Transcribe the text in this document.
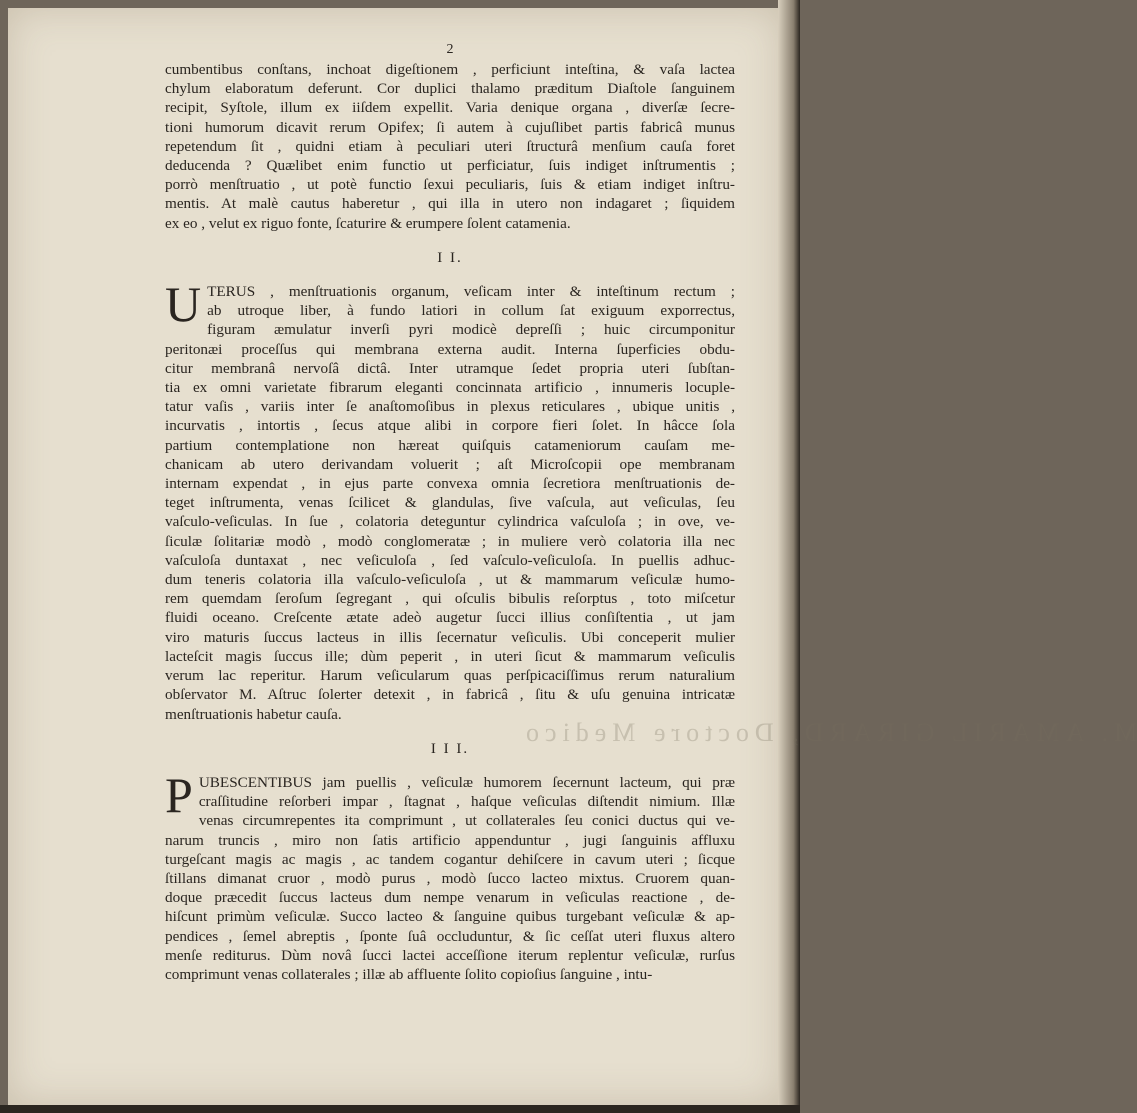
M. AMARIL GIRARD, Doctore Medico
2
cumbentibus conſtans, inchoat digeſtionem , perficiunt inteſtina, & vaſa lactea
chylum elaboratum deferunt. Cor duplici thalamo præditum Diaſtole ſanguinem
recipit, Syſtole, illum ex iiſdem expellit. Varia denique organa , diverſæ ſecre-
tioni humorum dicavit rerum Opifex; ſi autem à cujuſlibet partis fabricâ munus
repetendum ſit , quidni etiam à peculiari uteri ſtructurâ menſium cauſa foret
deducenda ? Quælibet enim functio ut perficiatur, ſuis indiget inſtrumentis ;
porrò menſtruatio , ut potè functio ſexui peculiaris, ſuis & etiam indiget inſtru-
mentis. At malè cautus haberetur , qui illa in utero non indagaret ; ſiquidem
ex eo , velut ex riguo fonte, ſcaturire & erumpere ſolent catamenia.
I I.
U TERUS , menſtruationis organum, veſicam inter & inteſtinum rectum ;
ab utroque liber, à fundo latiori in collum ſat exiguum exporrectus,
figuram æmulatur inverſi pyri modicè depreſſi ; huic circumponitur
peritonæi proceſſus qui membrana externa audit. Interna ſuperficies obdu-
citur membranâ nervoſâ dictâ. Inter utramque ſedet propria uteri ſubſtan-
tia ex omni varietate fibrarum eleganti concinnata artificio , innumeris locuple-
tatur vaſis , variis inter ſe anaſtomoſibus in plexus reticulares , ubique unitis ,
incurvatis , intortis , ſecus atque alibi in corpore fieri ſolet. In hâcce ſola
partium contemplatione non hæreat quiſquis catameniorum cauſam me-
chanicam ab utero derivandam voluerit ; aſt Microſcopii ope membranam
internam expendat , in ejus parte convexa omnia ſecretiora menſtruationis de-
teget inſtrumenta, venas ſcilicet & glandulas, ſive vaſcula, aut veſiculas, ſeu
vaſculo-veſiculas. In ſue , colatoria deteguntur cylindrica vaſculoſa ; in ove, ve-
ſiculæ ſolitariæ modò , modò conglomeratæ ; in muliere verò colatoria illa nec
vaſculoſa duntaxat , nec veſiculoſa , ſed vaſculo-veſiculoſa. In puellis adhuc-
dum teneris colatoria illa vaſculo-veſiculoſa , ut & mammarum veſiculæ humo-
rem quemdam ſeroſum ſegregant , qui oſculis bibulis reſorptus , toto miſcetur
fluidi oceano. Creſcente ætate adeò augetur ſucci illius conſiſtentia , ut jam
viro maturis ſuccus lacteus in illis ſecernatur veſiculis. Ubi conceperit mulier
lacteſcit magis ſuccus ille; dùm peperit , in uteri ſicut & mammarum veſiculis
verum lac reperitur. Harum veſicularum quas perſpicaciſſimus rerum naturalium
obſervator M. Aſtruc ſolerter detexit , in fabricâ , ſitu & uſu genuina intricatæ
menſtruationis habetur cauſa.
I I I.
P UBESCENTIBUS jam puellis , veſiculæ humorem ſecernunt lacteum, qui præ
craſſitudine reſorberi impar , ſtagnat , haſque veſiculas diſtendit nimium. Illæ
venas circumrepentes ita comprimunt , ut collaterales ſeu conici ductus qui ve-
narum truncis , miro non ſatis artificio appenduntur , jugi ſanguinis affluxu
turgeſcant magis ac magis , ac tandem cogantur dehiſcere in cavum uteri ; ſicque
ſtillans dimanat cruor , modò purus , modò ſucco lacteo mixtus. Cruorem quan-
doque præcedit ſuccus lacteus dum nempe venarum in veſiculas reactione , de-
hiſcunt primùm veſiculæ. Succo lacteo & ſanguine quibus turgebant veſiculæ & ap-
pendices , ſemel abreptis , ſponte ſuâ occluduntur, & ſic ceſſat uteri fluxus altero
menſe rediturus. Dùm novâ ſucci lactei acceſſione iterum replentur veſiculæ, rurſus
comprimunt venas collaterales ; illæ ab affluente ſolito copioſius ſanguine , intu-
